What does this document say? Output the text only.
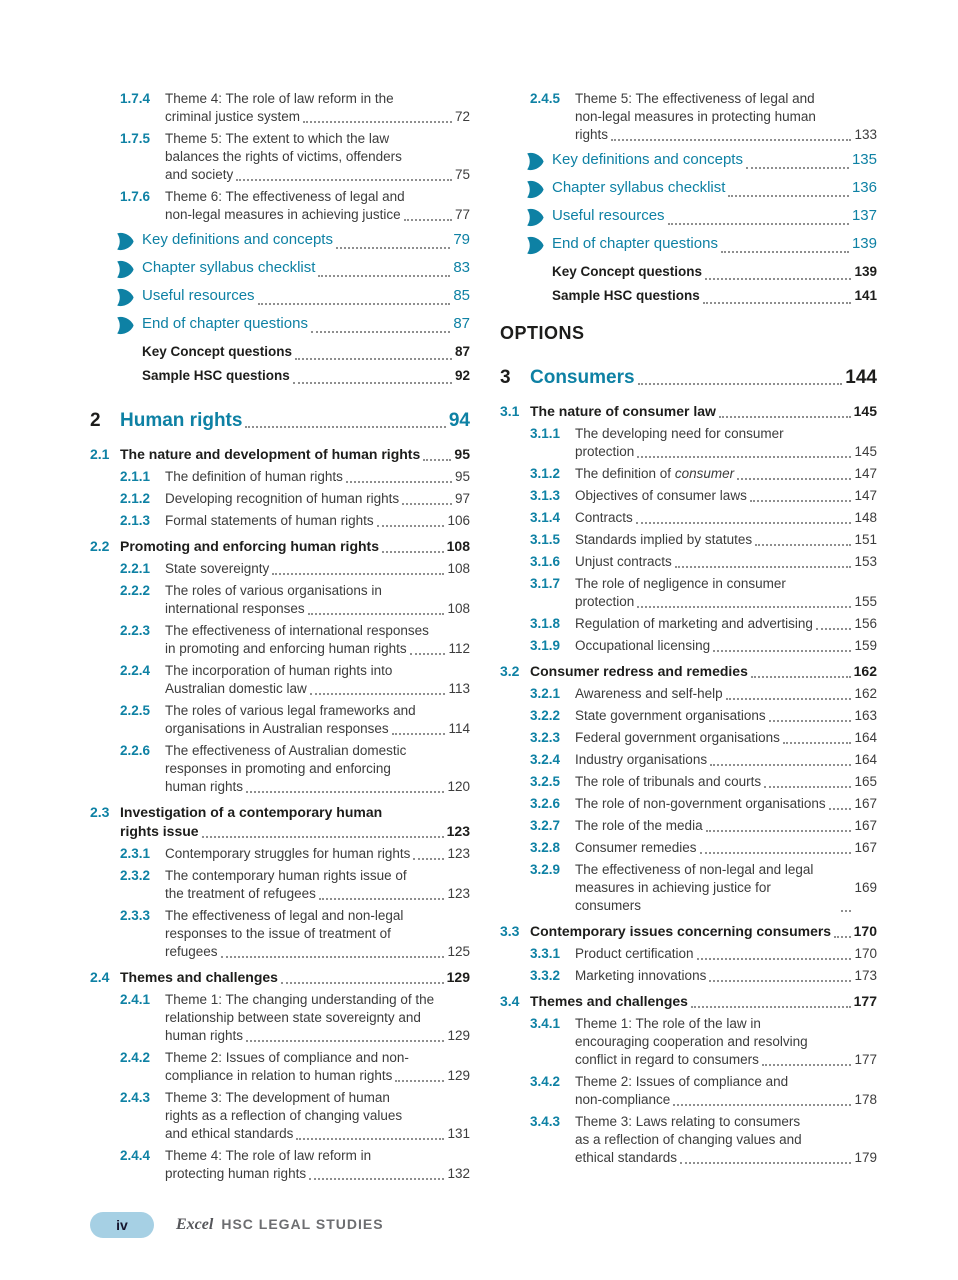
1.7.4	Theme 4: The role of law reform in the
criminal justice system	72
1.7.5	Theme 5: The extent to which the law
balances the rights of victims, offenders
and society	75
1.7.6	Theme 6: The effectiveness of legal and
non-legal measures in achieving justice	77
Key definitions and concepts	79
Chapter syllabus checklist	83
Useful resources	85
End of chapter questions	87
Key Concept questions	87
Sample HSC questions	92
2	Human rights	94
2.1 The nature and development of human rights 95
2.1.1	The definition of human rights	95
2.1.2	Developing recognition of human rights	97
2.1.3	Formal statements of human rights	106
2.2 Promoting and enforcing human rights	108
2.2.1	State sovereignty	108
2.2.2	The roles of various organisations in
international responses	108
2.2.3	The effectiveness of international responses
in promoting and enforcing human rights	112
2.2.4	The incorporation of human rights into
Australian domestic law	113
2.2.5	The roles of various legal frameworks and
organisations in Australian responses	114
2.2.6	The effectiveness of Australian domestic
responses in promoting and enforcing
human rights	120
2.3 Investigation of a contemporary human
rights issue	123
2.3.1	Contemporary struggles for human rights	123
2.3.2	The contemporary human rights issue of
the treatment of refugees	123
2.3.3	The effectiveness of legal and non-legal
responses to the issue of treatment of
refugees	125
2.4 Themes and challenges	129
2.4.1	Theme 1: The changing understanding of the
relationship between state sovereignty and
human rights	129
2.4.2	Theme 2: Issues of compliance and non-
compliance in relation to human rights	129
2.4.3	Theme 3: The development of human
rights as a reflection of changing values
and ethical standards	131
2.4.4	Theme 4: The role of law reform in
protecting human rights	132
2.4.5	Theme 5: The effectiveness of legal and
non-legal measures in protecting human
rights	133
Key definitions and concepts	135
Chapter syllabus checklist	136
Useful resources	137
End of chapter questions	139
Key Concept questions	139
Sample HSC questions	141
OPTIONS
3	Consumers	144
3.1 The nature of consumer law	145
3.1.1	The developing need for consumer
protection	145
3.1.2	The definition of consumer	147
3.1.3	Objectives of consumer laws	147
3.1.4	Contracts	148
3.1.5	Standards implied by statutes	151
3.1.6	Unjust contracts	153
3.1.7	The role of negligence in consumer
protection	155
3.1.8	Regulation of marketing and advertising	156
3.1.9	Occupational licensing	159
3.2 Consumer redress and remedies	162
3.2.1	Awareness and self-help	162
3.2.2	State government organisations	163
3.2.3	Federal government organisations	164
3.2.4	Industry organisations	164
3.2.5	The role of tribunals and courts	165
3.2.6	The role of non-government organisations 167
3.2.7	The role of the media	167
3.2.8	Consumer remedies	167
3.2.9	The effectiveness of non-legal and legal
measures in achieving justice for consumers
169
3.3 Contemporary issues concerning consumers 170
3.3.1	Product certification	170
3.3.2	Marketing innovations	173
3.4 Themes and challenges	177
3.4.1	Theme 1: The role of the law in
encouraging cooperation and resolving
conflict in regard to consumers	177
3.4.2	Theme 2: Issues of compliance and
non-compliance	178
3.4.3	Theme 3: Laws relating to consumers
as a reflection of changing values and
ethical standards	179
iv	Excel HSC LEGAL STUDIES
